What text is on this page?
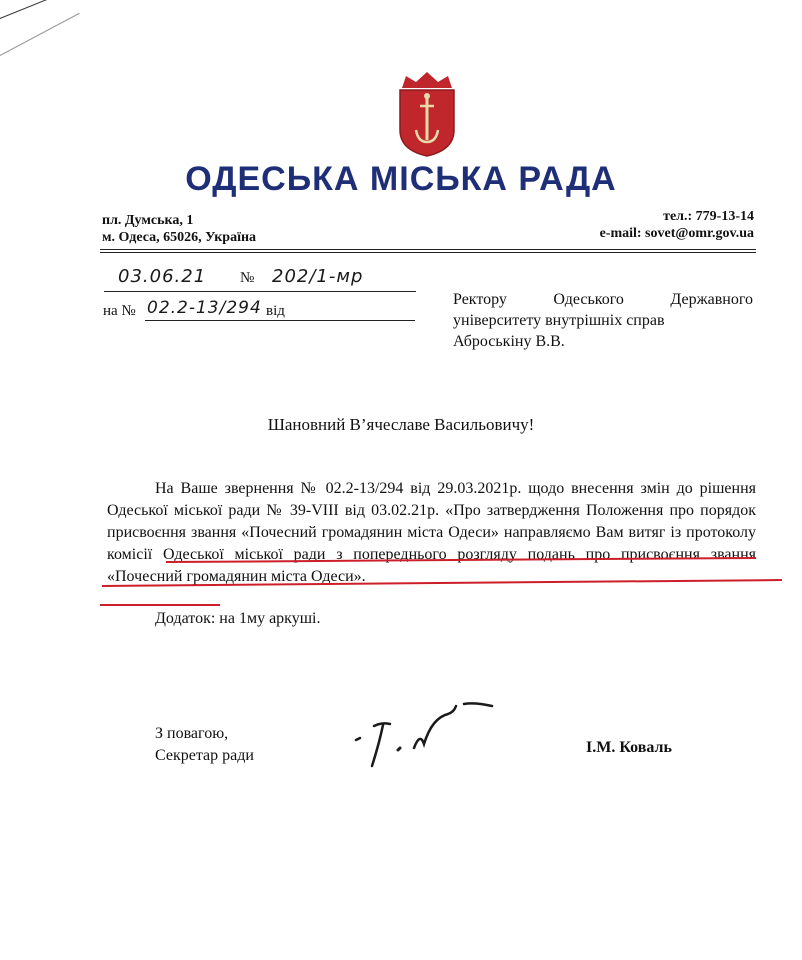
ОДЕСЬКА МІСЬКА РАДА
пл. Думська, 1
м. Одеса, 65026, Україна
тел.: 779-13-14
e-mail: sovet@omr.gov.ua
03.06.21 № 202/1-мр
на № 02.2-13/294 від
Ректору Одеського Державного
університету внутрішніх справ
Аброськіну В.В.
Шановний В’ячеславе Васильовичу!
На Ваше звернення № 02.2-13/294 від 29.03.2021р. щодо внесення змін до рішення Одеської міської ради № 39-VIII від 03.02.21р. «Про затвердження Положення про порядок присвоєння звання «Почесний громадянин міста Одеси» направляємо Вам витяг із протоколу комісії Одеської міської ради з попереднього розгляду подань про присвоєння звання «Почесний громадянин міста Одеси».
Додаток: на 1му аркуші.
З повагою,
Секретар ради	І.М. Коваль
